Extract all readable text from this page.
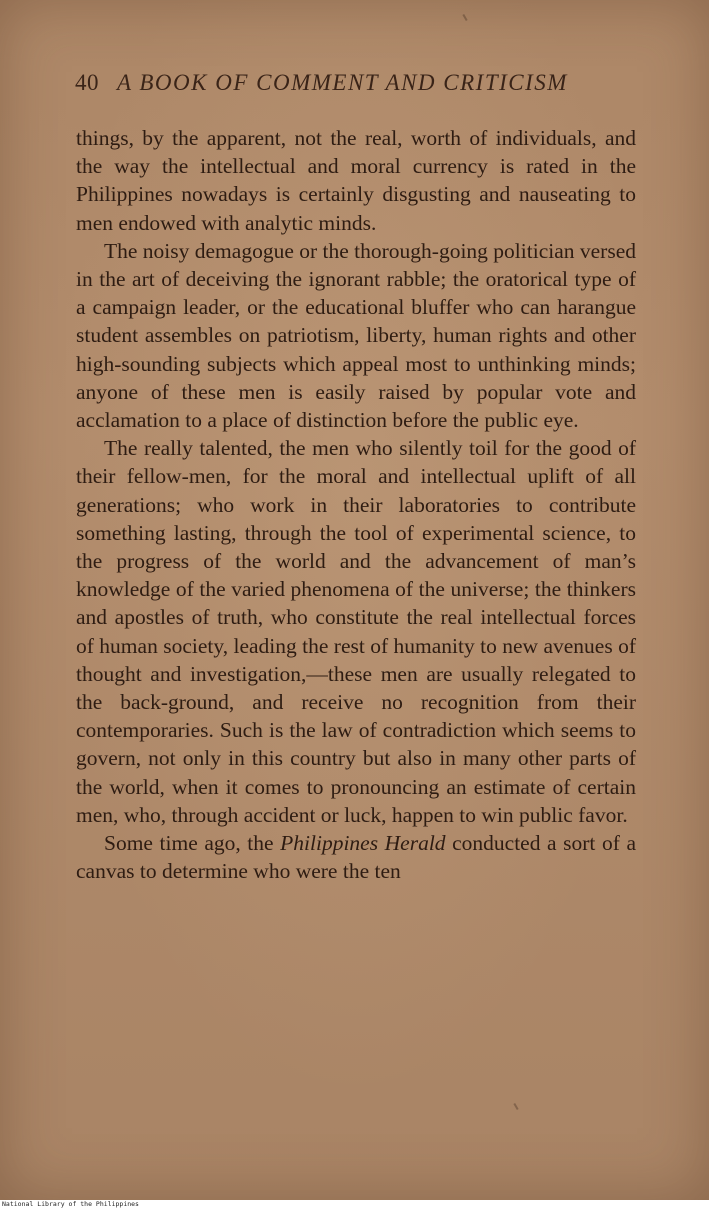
40 A BOOK OF COMMENT AND CRITICISM

things, by the apparent, not the real, worth of individuals, and the way the intellectual and moral currency is rated in the Philippines nowadays is certainly disgusting and nauseating to men endowed with analytic minds.

The noisy demagogue or the thorough-going politician versed in the art of deceiving the ignorant rabble; the oratorical type of a campaign leader, or the educational bluffer who can harangue student assembles on patriotism, liberty, human rights and other high-sounding subjects which appeal most to unthinking minds; anyone of these men is easily raised by popular vote and acclamation to a place of distinction before the public eye.

The really talented, the men who silently toil for the good of their fellow-men, for the moral and intellectual uplift of all generations; who work in their laboratories to contribute something lasting, through the tool of experimental science, to the progress of the world and the advancement of man’s knowledge of the varied phenomena of the universe; the thinkers and apostles of truth, who constitute the real intellectual forces of human society, leading the rest of humanity to new avenues of thought and investigation,—these men are usually relegated to the back-ground, and receive no recognition from their contemporaries. Such is the law of contradiction which seems to govern, not only in this country but also in many other parts of the world, when it comes to pronouncing an estimate of certain men, who, through accident or luck, happen to win public favor.

Some time ago, the Philippines Herald conducted a sort of a canvas to determine who were the ten

National Library of the Philippines
